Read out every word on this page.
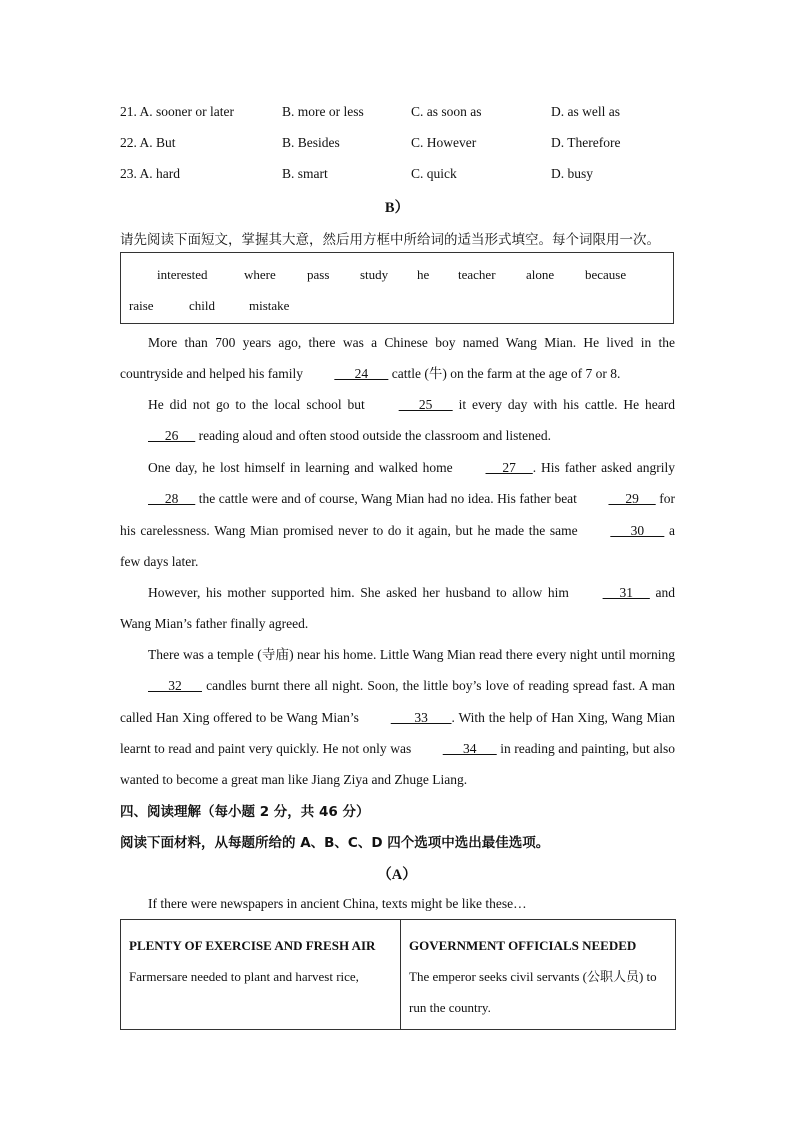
21. A. sooner or later	B. more or less	C. as soon as	D. as well as
22. A. But	B. Besides	C. However	D. Therefore
23. A. hard	B. smart	C. quick	D. busy
B）
请先阅读下面短文，掌握其大意，然后用方框中所给词的适当形式填空。每个词限用一次。
interested	where pass study he teacher alone because
raise	child	mistake
More than 700 years ago, there was a Chinese boy named Wang Mian. He lived in the countryside and helped his family       24       cattle (牛) on the farm at the age of 7 or 8.
He did not go to the local school but       25       it every day with his cattle. He heard      26      reading aloud and often stood outside the classroom and listened.
One day, he lost himself in learning and walked home      27     . His father asked angrily      28      the cattle were and of course, Wang Mian had no idea. His father beat      29      for his carelessness. Wang Mian promised never to do it again, but he made the same       30       a few days later.
However, his mother supported him. She asked her husband to allow him      31      and Wang Mian’s father finally agreed.
There was a temple (寺庙) near his home. Little Wang Mian read there every night until morning       32       candles burnt there all night. Soon, the little boy’s love of reading spread fast. A man called Han Xing offered to be Wang Mian’s        33       . With the help of Han Xing, Wang Mian learnt to read and paint very quickly. He not only was       34       in reading and painting, but also wanted to become a great man like Jiang Ziya and Zhuge Liang.
四、阅读理解（每小题 2 分，共 46 分）
阅读下面材料，从每题所给的 A、B、C、D 四个选项中选出最佳选项。
（A）
If there were newspapers in ancient China, texts might be like these…
PLENTY OF EXERCISE AND FRESH AIR
Farmersare needed to plant and harvest rice,

GOVERNMENT OFFICIALS NEEDED
The emperor seeks civil servants (公职人员) to run the country.
